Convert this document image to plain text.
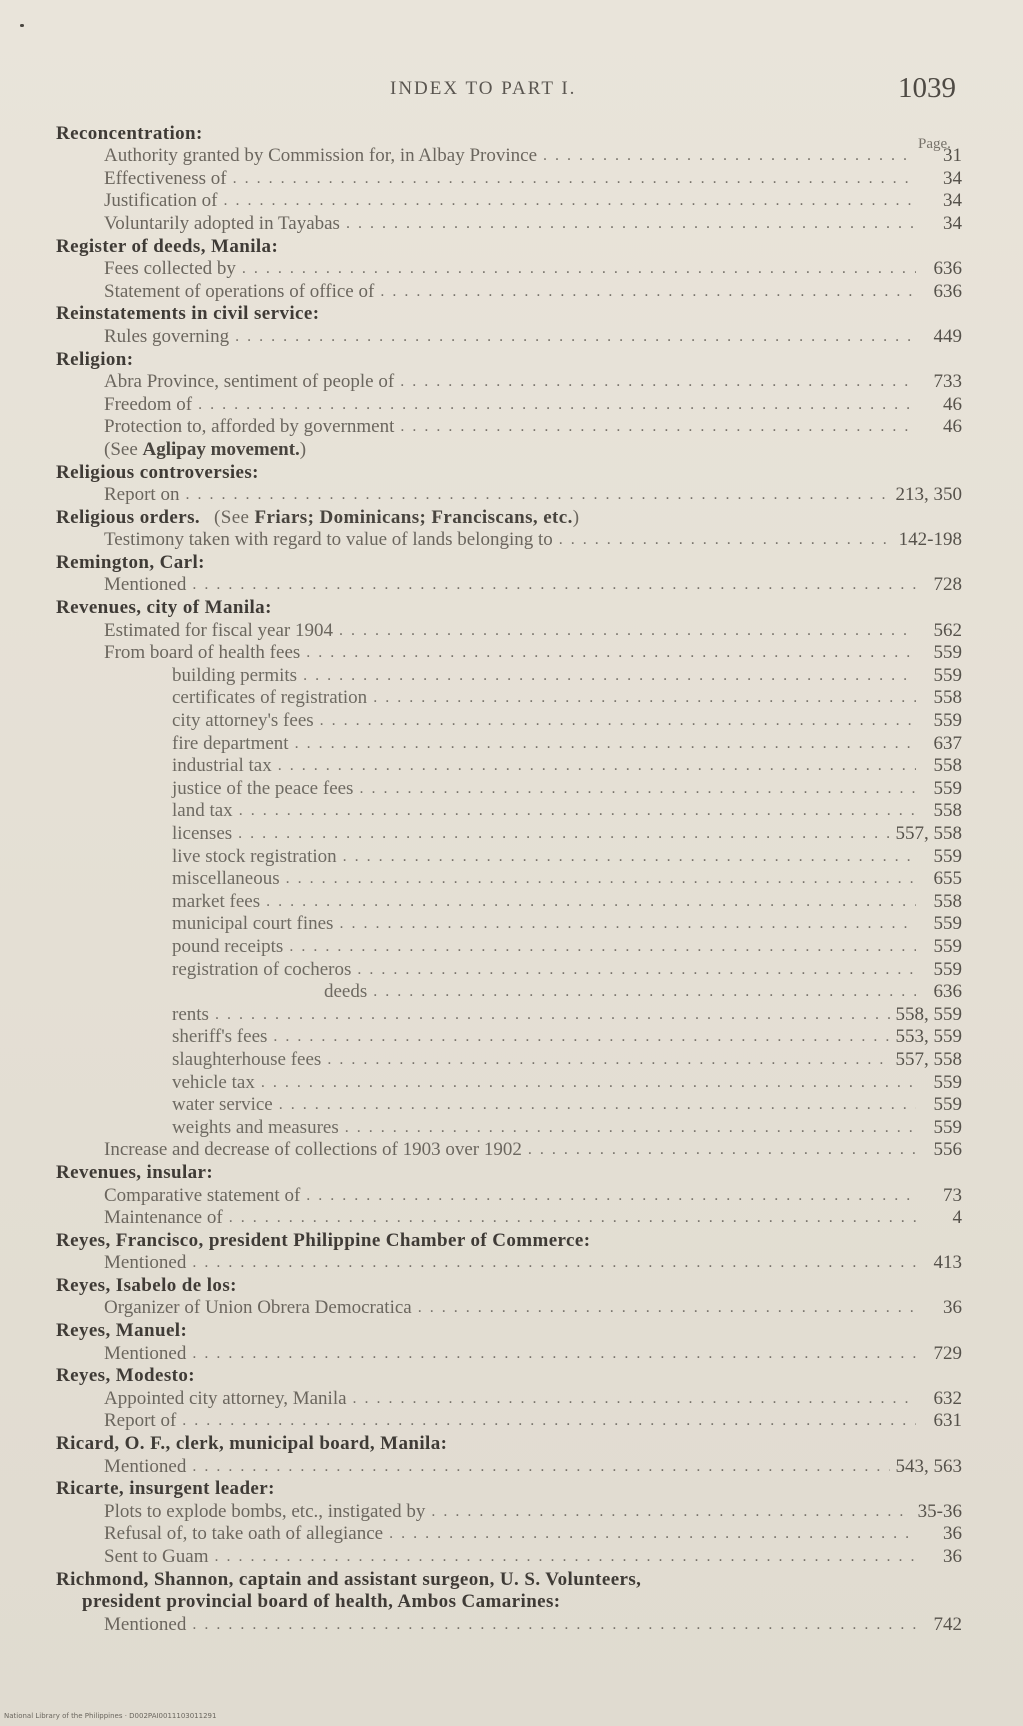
INDEX TO PART I.	1039
Page.
Reconcentration:
Authority granted by Commission for, in Albay Province . . .	31
Effectiveness of . . .	34
Justification of . . .	34
Voluntarily adopted in Tayabas . . .	34
Register of deeds, Manila:
Fees collected by . . .	636
Statement of operations of office of . . .	636
Reinstatements in civil service:
Rules governing . . .	449
Religion:
Abra Province, sentiment of people of . . .	733
Freedom of . . .	46
Protection to, afforded by government . . .	46
(See Aglipay movement.)
Religious controversies:
Report on . . .	213, 350
Religious orders. (See Friars; Dominicans; Franciscans, etc.)
Testimony taken with regard to value of lands belonging to . . .	142-198
Remington, Carl:
Mentioned . . .	728
Revenues, city of Manila:
Estimated for fiscal year 1904 . . .	562
From board of health fees . . .	559
building permits . . .	559
certificates of registration . . .	558
city attorney's fees . . .	559
fire department . . .	637
industrial tax . . .	558
justice of the peace fees . . .	559
land tax . . .	558
licenses . . .	557, 558
live stock registration . . .	559
miscellaneous . . .	655
market fees . . .	558
municipal court fines . . .	559
pound receipts . . .	559
registration of cocheros . . .	559
deeds . . .	636
rents . . .	558, 559
sheriff's fees . . .	553, 559
slaughterhouse fees . . .	557, 558
vehicle tax . . .	559
water service . . .	559
weights and measures . . .	559
Increase and decrease of collections of 1903 over 1902 . . .	556
Revenues, insular:
Comparative statement of . . .	73
Maintenance of . . .	4
Reyes, Francisco, president Philippine Chamber of Commerce:
Mentioned . . .	413
Reyes, Isabelo de los:
Organizer of Union Obrera Democratica . . .	36
Reyes, Manuel:
Mentioned . . .	729
Reyes, Modesto:
Appointed city attorney, Manila . . .	632
Report of . . .	631
Ricard, O. F., clerk, municipal board, Manila:
Mentioned . . .	543, 563
Ricarte, insurgent leader:
Plots to explode bombs, etc., instigated by . . .	35-36
Refusal of, to take oath of allegiance . . .	36
Sent to Guam . . .	36
Richmond, Shannon, captain and assistant surgeon, U. S. Volunteers,
president provincial board of health, Ambos Camarines:
Mentioned . . .	742
National Library of the Philippines · D002PAI0011103011291
